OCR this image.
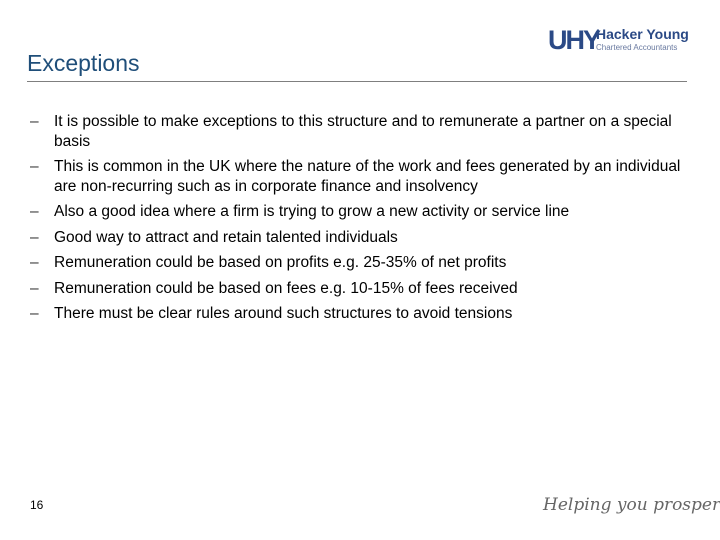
Exceptions
UHY
Hacker Young
Chartered Accountants
– It is possible to make exceptions to this structure and to remunerate a partner on a special basis
– This is common in the UK where the nature of the work and fees generated by an individual are non-recurring such as in corporate finance and insolvency
– Also a good idea where a firm is trying to grow a new activity or service line
– Good way to attract and retain talented individuals
– Remuneration could be based on profits e.g. 25-35% of net profits
– Remuneration could be based on fees e.g. 10-15% of fees received
– There must be clear rules around such structures to avoid tensions
16	Helping you prosper
